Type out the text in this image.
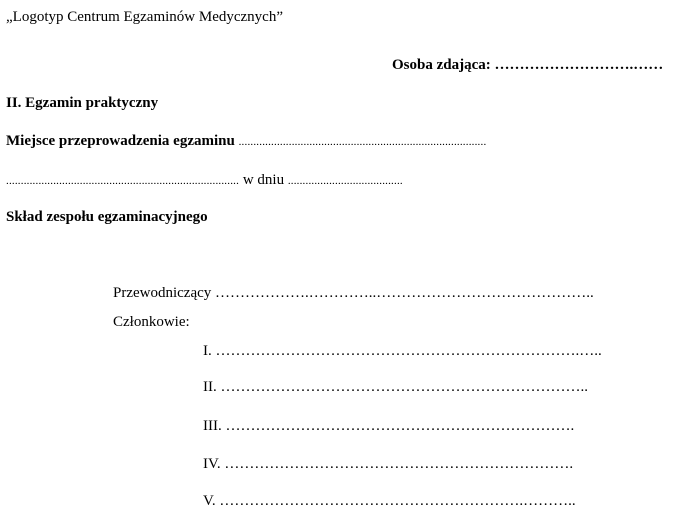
„Logotyp Centrum Egzaminów Medycznych”
Osoba zdająca: ……………………….……
II. Egzamin praktyczny
Miejsce przeprowadzenia egzaminu ....................................................................................
............................................................................... w dniu .......................................
Skład zespołu egzaminacyjnego
Przewodniczący ……………….…………..……………………………………..
Członkowie:
I. ……………………………………………………………….…..
II. ………………………………………………………………..
III. …………………………………………………………….
IV. …………………………………………………………….
V. …………………………………………………….………..
